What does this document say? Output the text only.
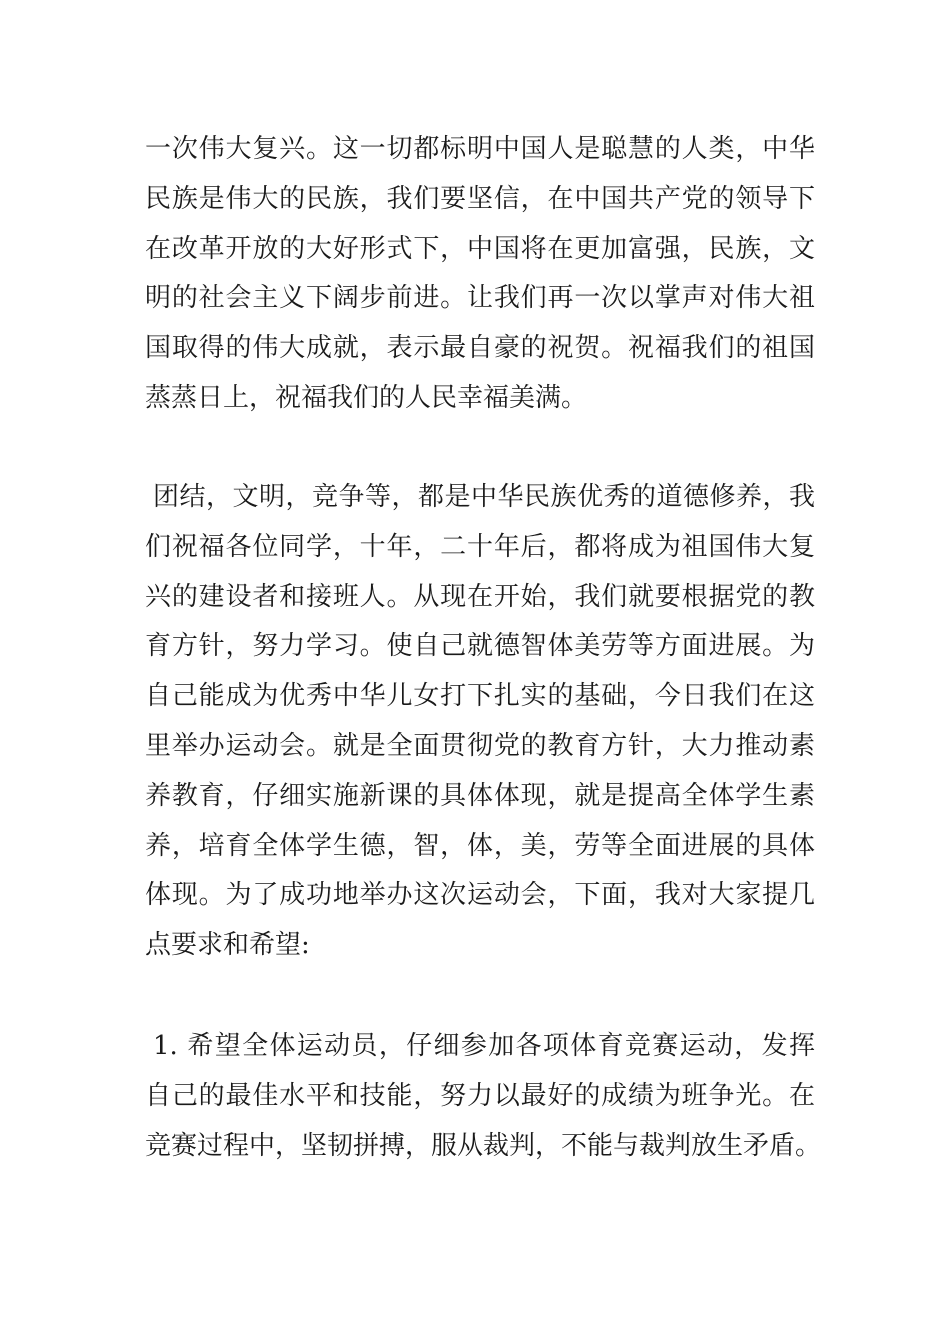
一次伟大复兴。这一切都标明中国人是聪慧的人类，中华
民族是伟大的民族，我们要坚信，在中国共产党的领导下
在改革开放的大好形式下，中国将在更加富强，民族，文
明的社会主义下阔步前进。让我们再一次以掌声对伟大祖
国取得的伟大成就，表示最自豪的祝贺。祝福我们的祖国
蒸蒸日上，祝福我们的人民幸福美满。
团结，文明，竞争等，都是中华民族优秀的道德修养，我
们祝福各位同学，十年，二十年后，都将成为祖国伟大复
兴的建设者和接班人。从现在开始，我们就要根据党的教
育方针，努力学习。使自己就德智体美劳等方面进展。为
自己能成为优秀中华儿女打下扎实的基础，今日我们在这
里举办运动会。就是全面贯彻党的教育方针，大力推动素
养教育，仔细实施新课的具体体现，就是提高全体学生素
养，培育全体学生德，智，体，美，劳等全面进展的具体
体现。为了成功地举办这次运动会，下面，我对大家提几
点要求和希望:
1. 希望全体运动员，仔细参加各项体育竞赛运动，发挥
自己的最佳水平和技能，努力以最好的成绩为班争光。在
竞赛过程中，坚韧拼搏，服从裁判，不能与裁判放生矛盾。
